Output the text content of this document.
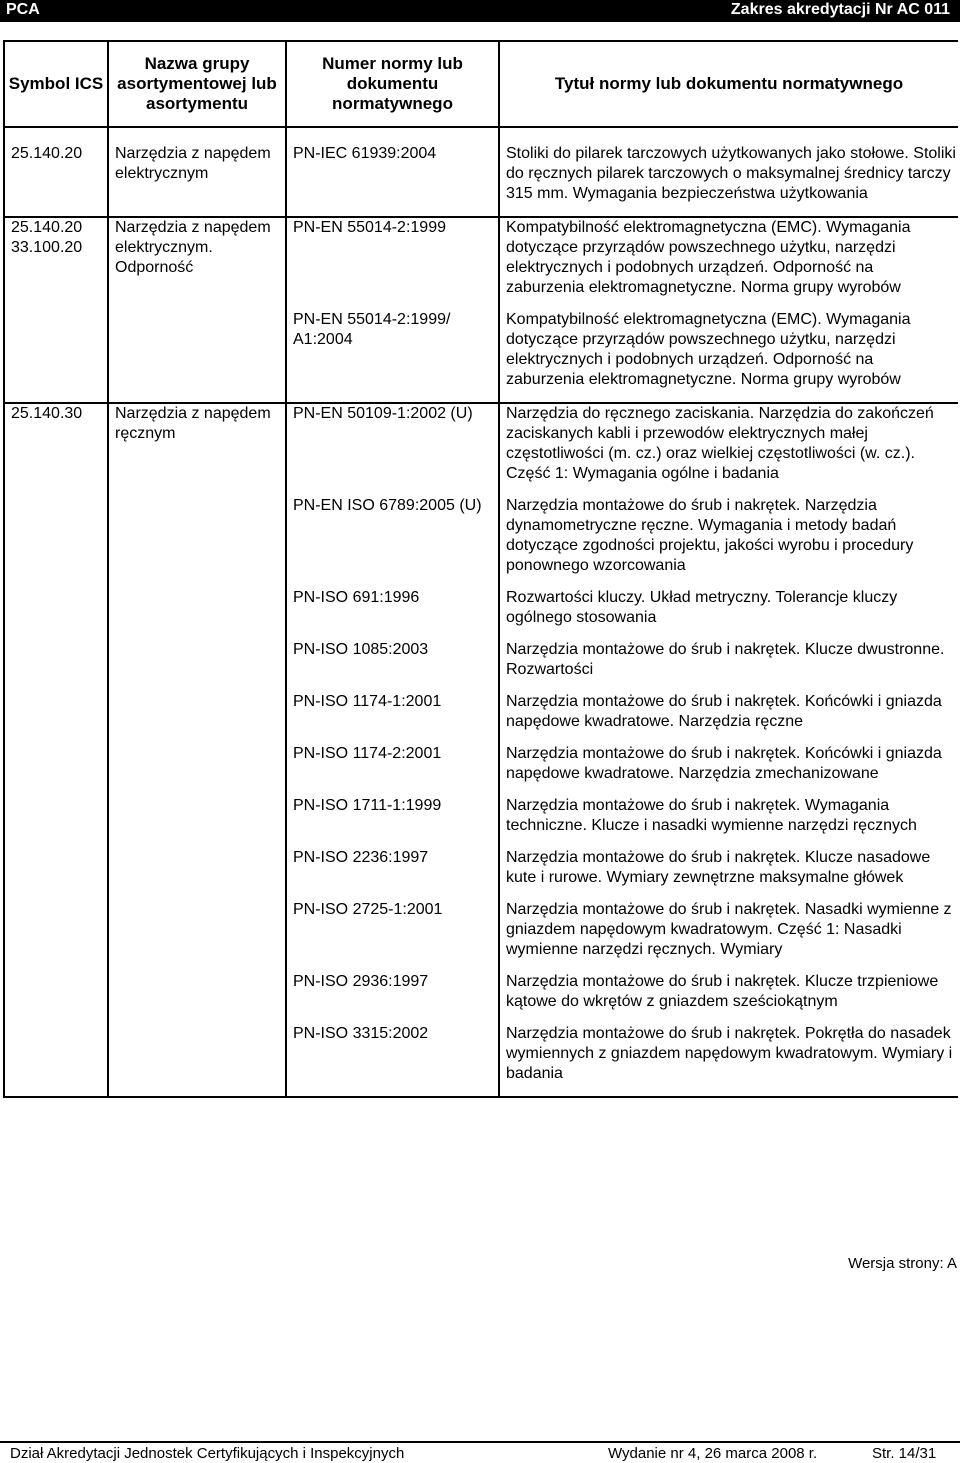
PCA	Zakres akredytacji Nr AC 011
Symbol ICS	Nazwa grupy asortymentowej lub asortymentu	Numer normy lub dokumentu normatywnego	Tytuł normy lub dokumentu normatywnego
25.140.20	Narzędzia z napędem elektrycznym	PN-IEC 61939:2004	Stoliki do pilarek tarczowych użytkowanych jako stołowe. Stoliki do ręcznych pilarek tarczowych o maksymalnej średnicy tarczy 315 mm. Wymagania bezpieczeństwa użytkowania
25.140.20 33.100.20	Narzędzia z napędem elektrycznym. Odporność	PN-EN 55014-2:1999	Kompatybilność elektromagnetyczna (EMC). Wymagania dotyczące przyrządów powszechnego użytku, narzędzi elektrycznych i podobnych urządzeń. Odporność na zaburzenia elektromagnetyczne. Norma grupy wyrobów
		PN-EN 55014-2:1999/ A1:2004	Kompatybilność elektromagnetyczna (EMC). Wymagania dotyczące przyrządów powszechnego użytku, narzędzi elektrycznych i podobnych urządzeń. Odporność na zaburzenia elektromagnetyczne. Norma grupy wyrobów
25.140.30	Narzędzia z napędem ręcznym	PN-EN 50109-1:2002 (U)	Narzędzia do ręcznego zaciskania. Narzędzia do zakończeń zaciskanych kabli i przewodów elektrycznych małej częstotliwości (m. cz.) oraz wielkiej częstotliwości (w. cz.). Część 1: Wymagania ogólne i badania
		PN-EN ISO 6789:2005 (U)	Narzędzia montażowe do śrub i nakrętek. Narzędzia dynamometryczne ręczne. Wymagania i metody badań dotyczące zgodności projektu, jakości wyrobu i procedury ponownego wzorcowania
		PN-ISO 691:1996	Rozwartości kluczy. Układ metryczny. Tolerancje kluczy ogólnego stosowania
		PN-ISO 1085:2003	Narzędzia montażowe do śrub i nakrętek. Klucze dwustronne. Rozwartości
		PN-ISO 1174-1:2001	Narzędzia montażowe do śrub i nakrętek. Końcówki i gniazda napędowe kwadratowe. Narzędzia ręczne
		PN-ISO 1174-2:2001	Narzędzia montażowe do śrub i nakrętek. Końcówki i gniazda napędowe kwadratowe. Narzędzia zmechanizowane
		PN-ISO 1711-1:1999	Narzędzia montażowe do śrub i nakrętek. Wymagania techniczne. Klucze i nasadki wymienne narzędzi ręcznych
		PN-ISO 2236:1997	Narzędzia montażowe do śrub i nakrętek. Klucze nasadowe kute i rurowe. Wymiary zewnętrzne maksymalne główek
		PN-ISO 2725-1:2001	Narzędzia montażowe do śrub i nakrętek. Nasadki wymienne z gniazdem napędowym kwadratowym. Część 1: Nasadki wymienne narzędzi ręcznych. Wymiary
		PN-ISO 2936:1997	Narzędzia montażowe do śrub i nakrętek. Klucze trzpieniowe kątowe do wkrętów z gniazdem sześciokątnym
		PN-ISO 3315:2002	Narzędzia montażowe do śrub i nakrętek. Pokrętła do nasadek wymiennych z gniazdem napędowym kwadratowym. Wymiary i badania
Wersja strony: A
Dział Akredytacji Jednostek Certyfikujących i Inspekcyjnych	Wydanie nr 4, 26 marca 2008 r.	Str. 14/31
